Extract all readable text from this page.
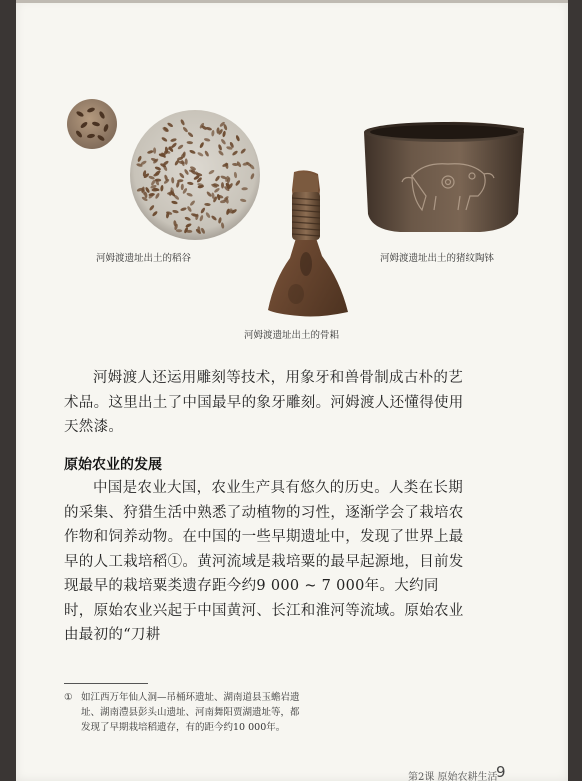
河姆渡遗址出土的稻谷
河姆渡遗址出土的骨耜
河姆渡遗址出土的猪纹陶钵

河姆渡人还运用雕刻等技术，用象牙和兽骨制成古朴的艺术品。这里出土了中国最早的象牙雕刻。河姆渡人还懂得使用天然漆。

原始农业的发展

中国是农业大国，农业生产具有悠久的历史。人类在长期的采集、狩猎生活中熟悉了动植物的习性，逐渐学会了栽培农作物和饲养动物。在中国的一些早期遗址中，发现了世界上最早的人工栽培稻①。黄河流域是栽培粟的最早起源地，目前发现最早的栽培粟类遗存距今约9 000 ~ 7 000年。大约同时，原始农业兴起于中国黄河、长江和淮河等流域。原始农业由最初的“刀耕

① 如江西万年仙人洞—吊桶环遗址、湖南道县玉蟾岩遗址、湖南澧县彭头山遗址、河南舞阳贾湖遗址等，都发现了早期栽培稻遗存，有的距今约10 000年。
第2课 原始农耕生活
9
